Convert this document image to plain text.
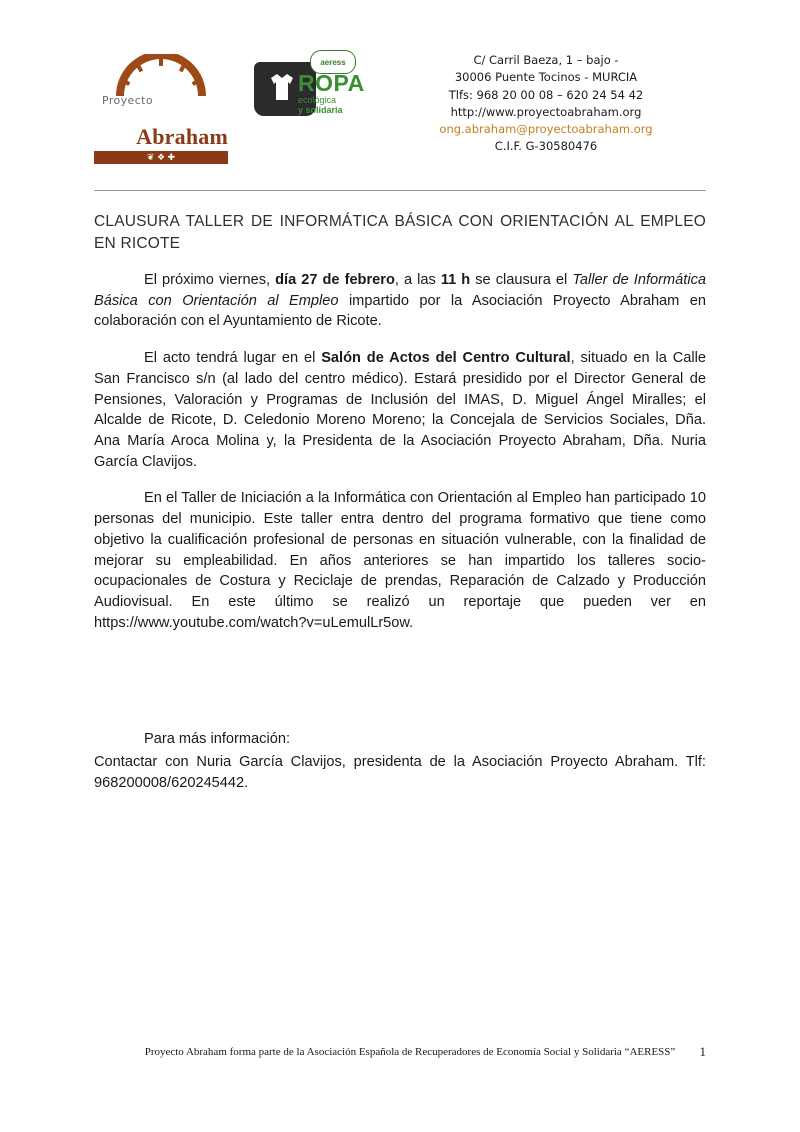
Proyecto
Abraham
❦ ❖ ✚
aeress
ROPA
ecológica
y solidaria
C/ Carril Baeza, 1 – bajo -
30006 Puente Tocinos - MURCIA
Tlfs: 968 20 00 08 – 620 24 54 42
http://www.proyectoabraham.org
ong.abraham@proyectoabraham.org
C.I.F. G-30580476
CLAUSURA TALLER DE INFORMÁTICA BÁSICA CON ORIENTACIÓN AL EMPLEO EN RICOTE

El próximo viernes, día 27 de febrero, a las 11 h se clausura el Taller de Informática Básica con Orientación al Empleo impartido por la Asociación Proyecto Abraham en colaboración con el Ayuntamiento de Ricote.

El acto tendrá lugar en el Salón de Actos del Centro Cultural, situado en la Calle San Francisco s/n (al lado del centro médico). Estará presidido por el Director General de Pensiones, Valoración y Programas de Inclusión del IMAS, D. Miguel Ángel Miralles; el Alcalde de Ricote, D. Celedonio Moreno Moreno; la Concejala de Servicios Sociales, Dña. Ana María Aroca Molina y, la Presidenta de la Asociación Proyecto Abraham, Dña. Nuria García Clavijos.

En el Taller de Iniciación a la Informática con Orientación al Empleo han participado 10 personas del municipio. Este taller entra dentro del programa formativo que tiene como objetivo la cualificación profesional de personas en situación vulnerable, con la finalidad de mejorar su empleabilidad. En años anteriores se han impartido los talleres socio-ocupacionales de Costura y Reciclaje de prendas, Reparación de Calzado y Producción Audiovisual. En este último se realizó un reportaje que pueden ver en https://www.youtube.com/watch?v=uLemulLr5ow.

Para más información:

Contactar con Nuria García Clavijos, presidenta de la Asociación Proyecto Abraham. Tlf: 968200008/620245442.

Proyecto Abraham forma parte de la Asociación Española de Recuperadores de Economía Social y Solidaria “AERESS”	1
